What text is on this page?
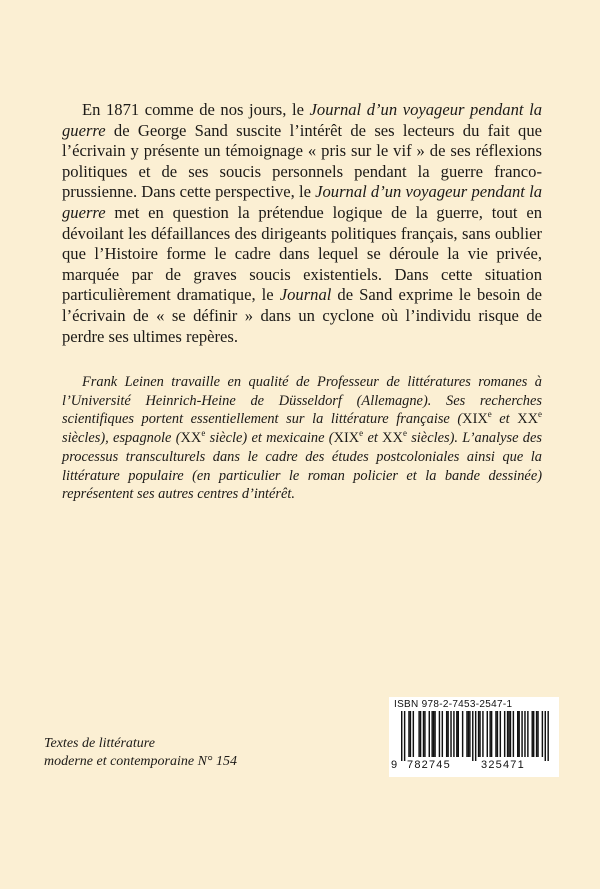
En 1871 comme de nos jours, le Journal d’un voyageur pendant la guerre de George Sand suscite l’intérêt de ses lecteurs du fait que l’écrivain y présente un témoignage « pris sur le vif » de ses réflexions politiques et de ses soucis personnels pendant la guerre franco-prussienne. Dans cette perspective, le Journal d’un voyageur pendant la guerre met en question la prétendue logique de la guerre, tout en dévoilant les défaillances des dirigeants politiques français, sans oublier que l’Histoire forme le cadre dans lequel se déroule la vie privée, marquée par de graves soucis existentiels. Dans cette situation particulièrement dramatique, le Journal de Sand exprime le besoin de l’écrivain de « se définir » dans un cyclone où l’individu risque de perdre ses ultimes repères.

Frank Leinen travaille en qualité de Professeur de littératures romanes à l’Université Heinrich-Heine de Düsseldorf (Allemagne). Ses recherches scientifiques portent essentiellement sur la littérature française (XIXe et XXe siècles), espagnole (XXe siècle) et mexicaine (XIXe et XXe siècles). L’analyse des processus transculturels dans le cadre des études postcoloniales ainsi que la littérature populaire (en particulier le roman policier et la bande dessinée) représentent ses autres centres d’intérêt.

Textes de littérature
moderne et contemporaine N° 154
ISBN 978-2-7453-2547-1
9 782745	325471
